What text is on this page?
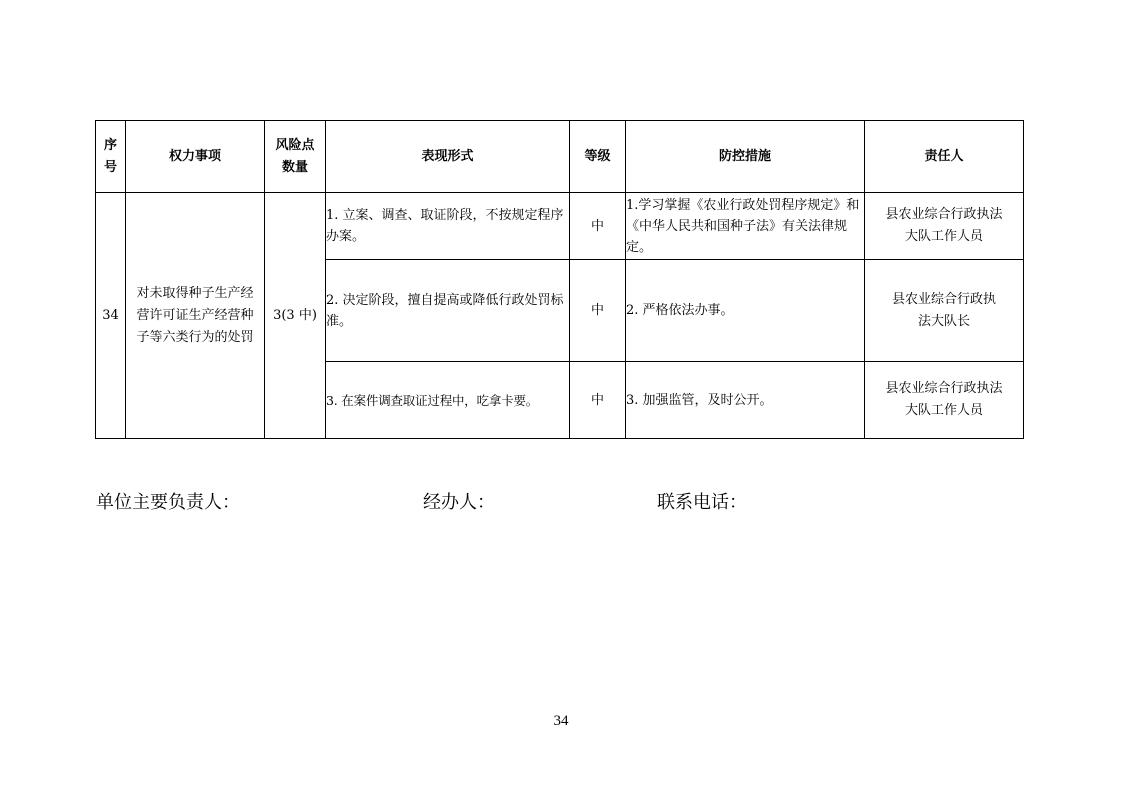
序号	权力事项	风险点数量	表现形式	等级	防控措施	责任人
34	对未取得种子生产经营许可证生产经营种子等六类行为的处罚	3(3 中)	1. 立案、调查、取证阶段，不按规定程序办案。	中	1.学习掌握《农业行政处罚程序规定》和《中华人民共和国种子法》有关法律规定。	县农业综合行政执法大队工作人员
			2. 决定阶段，擅自提高或降低行政处罚标准。	中	2. 严格依法办事。	县农业综合行政执法大队长
			3. 在案件调查取证过程中，吃拿卡要。	中	3. 加强监管，及时公开。	县农业综合行政执法大队工作人员
单位主要负责人：	经办人：	联系电话：
34
